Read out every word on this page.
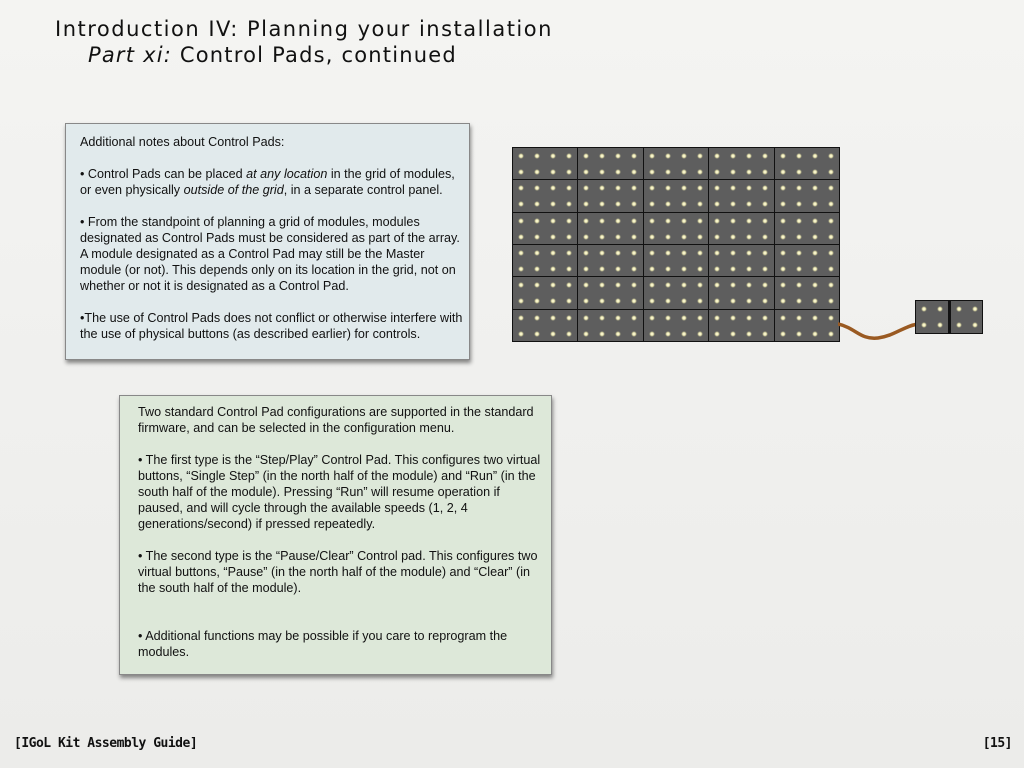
Introduction IV: Planning your installation
Part xi: Control Pads, continued

Additional notes about Control Pads:

• Control Pads can be placed at any location in the grid of modules, or even physically outside of the grid, in a separate control panel.

• From the standpoint of planning a grid of modules, modules designated as Control Pads must be considered as part of the array. A module designated as a Control Pad may still be the Master module (or not). This depends only on its location in the grid, not on whether or not it is designated as a Control Pad.

•The use of Control Pads does not conflict or otherwise interfere with the use of physical buttons (as described earlier) for controls.

Two standard Control Pad configurations are supported in the standard firmware, and can be selected in the configuration menu.

• The first type is the “Step/Play” Control Pad. This configures two virtual buttons, “Single Step” (in the north half of the module) and “Run” (in the south half of the module). Pressing “Run” will resume operation if paused, and will cycle through the available speeds (1, 2, 4 generations/second) if pressed repeatedly.

• The second type is the “Pause/Clear” Control pad. This configures two virtual buttons, “Pause” (in the north half of the module) and “Clear” (in the south half of the module).

• Additional functions may be possible if you care to reprogram the modules.

[IGoL Kit Assembly Guide]	[15]
